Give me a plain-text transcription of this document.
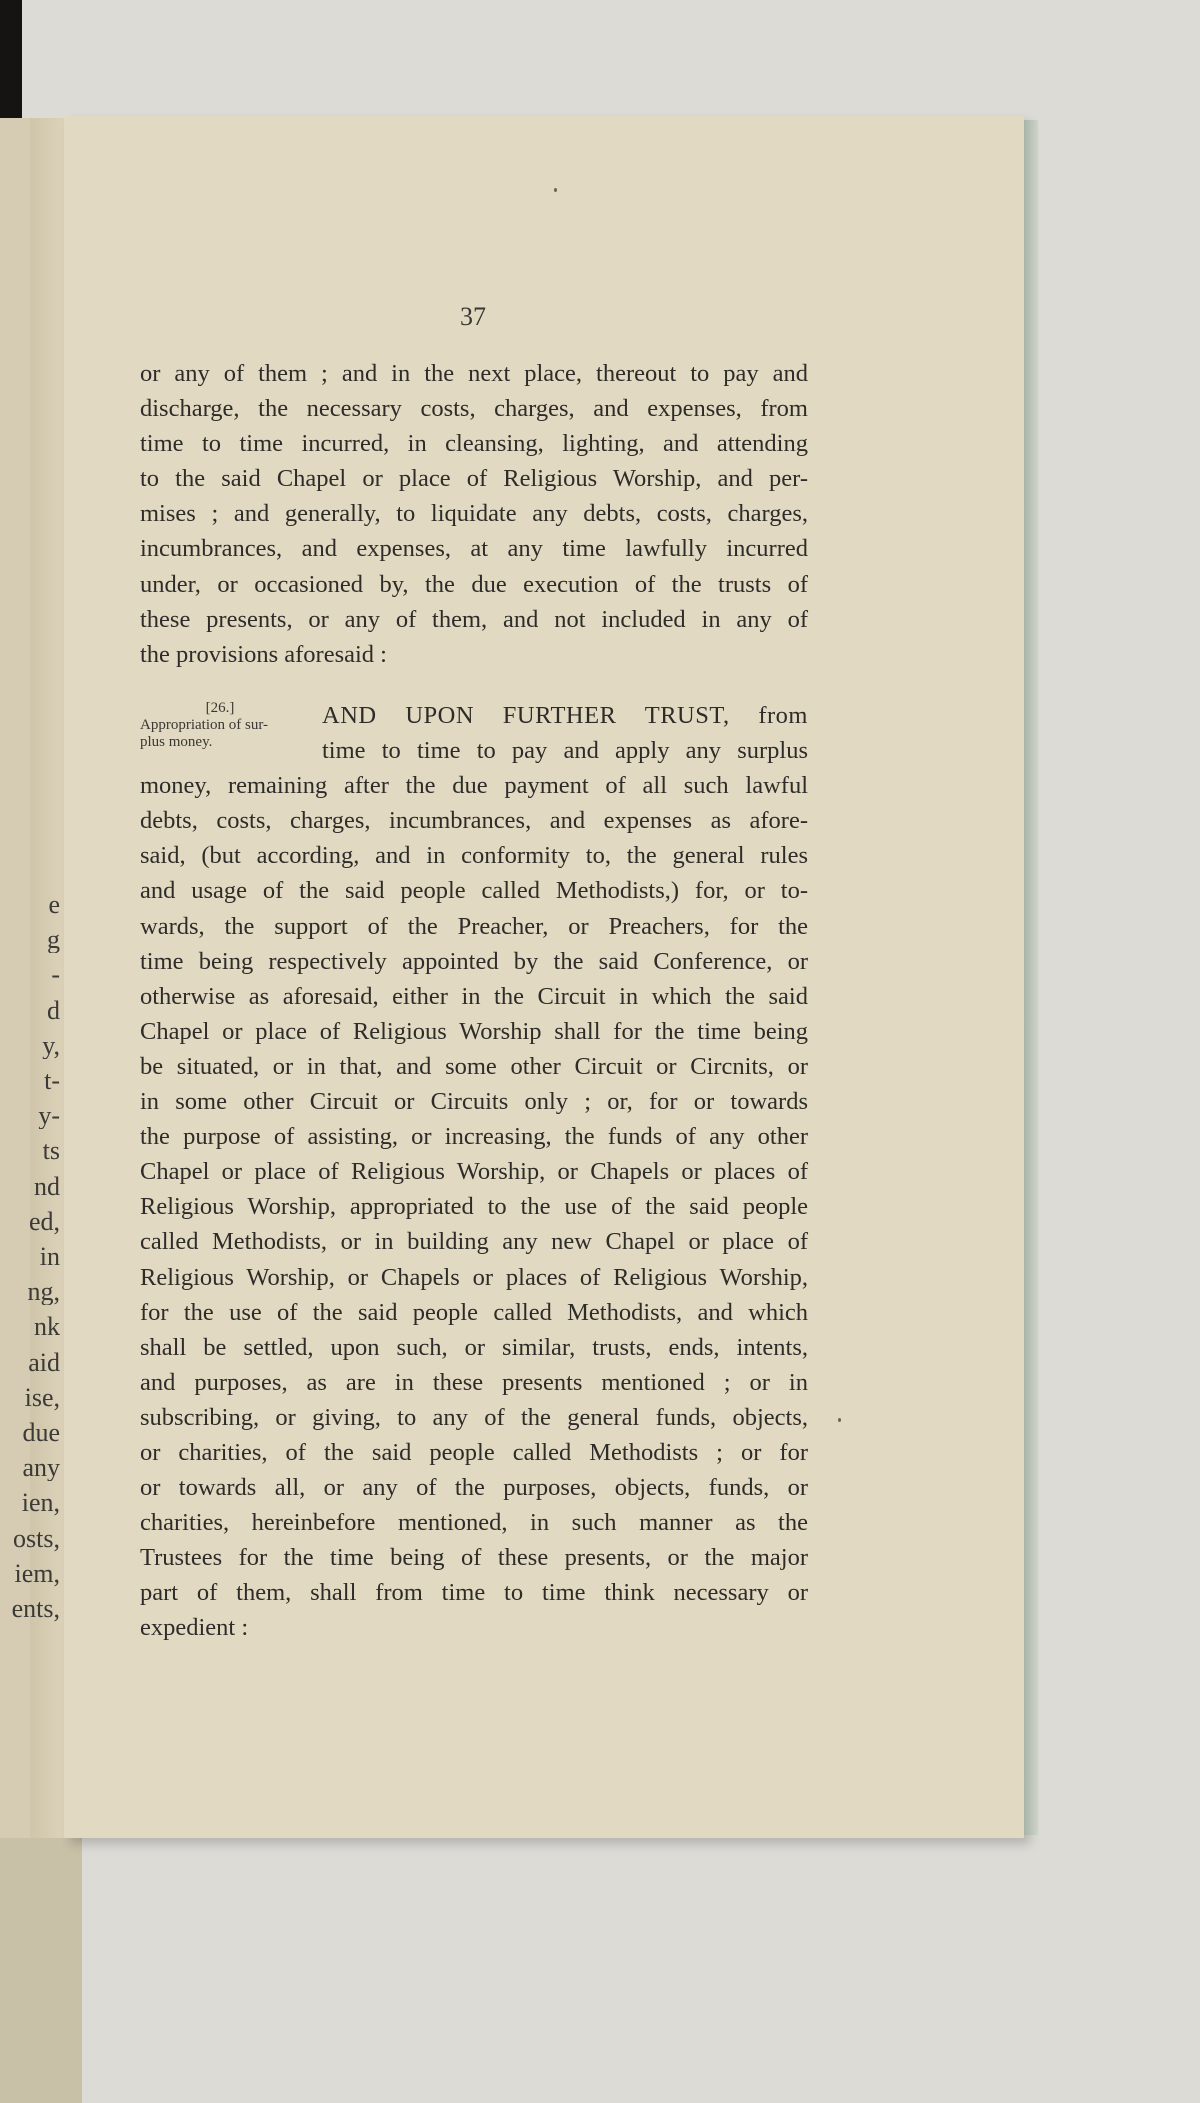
e
g
-
d
y,
t-
y-
ts
nd
ed,
in
ng,
nk
aid
ise,
due
any
ien,
osts,
iem,
ents,
37
or any of them ; and in the next place, thereout to pay and
discharge, the necessary costs, charges, and expenses, from
time to time incurred, in cleansing, lighting, and attending
to the said Chapel or place of Religious Worship, and per-
mises ; and generally, to liquidate any debts, costs, charges,
incumbrances, and expenses, at any time lawfully incurred
under, or occasioned by, the due execution of the trusts of
these presents, or any of them, and not included in any of
the provisions aforesaid :
[26.]
Appropriation of sur-
plus money.
AND UPON FURTHER TRUST, from
time to time to pay and apply any surplus
money, remaining after the due payment of all such lawful
debts, costs, charges, incumbrances, and expenses as afore-
said, (but according, and in conformity to, the general rules
and usage of the said people called Methodists,) for, or to-
wards, the support of the Preacher, or Preachers, for the
time being respectively appointed by the said Conference, or
otherwise as aforesaid, either in the Circuit in which the said
Chapel or place of Religious Worship shall for the time being
be situated, or in that, and some other Circuit or Circnits, or
in some other Circuit or Circuits only ; or, for or towards
the purpose of assisting, or increasing, the funds of any other
Chapel or place of Religious Worship, or Chapels or places of
Religious Worship, appropriated to the use of the said people
called Methodists, or in building any new Chapel or place of
Religious Worship, or Chapels or places of Religious Worship,
for the use of the said people called Methodists, and which
shall be settled, upon such, or similar, trusts, ends, intents,
and purposes, as are in these presents mentioned ; or in
subscribing, or giving, to any of the general funds, objects,
or charities, of the said people called Methodists ; or for
or towards all, or any of the purposes, objects, funds, or
charities, hereinbefore mentioned, in such manner as the
Trustees for the time being of these presents, or the major
part of them, shall from time to time think necessary or
expedient :
